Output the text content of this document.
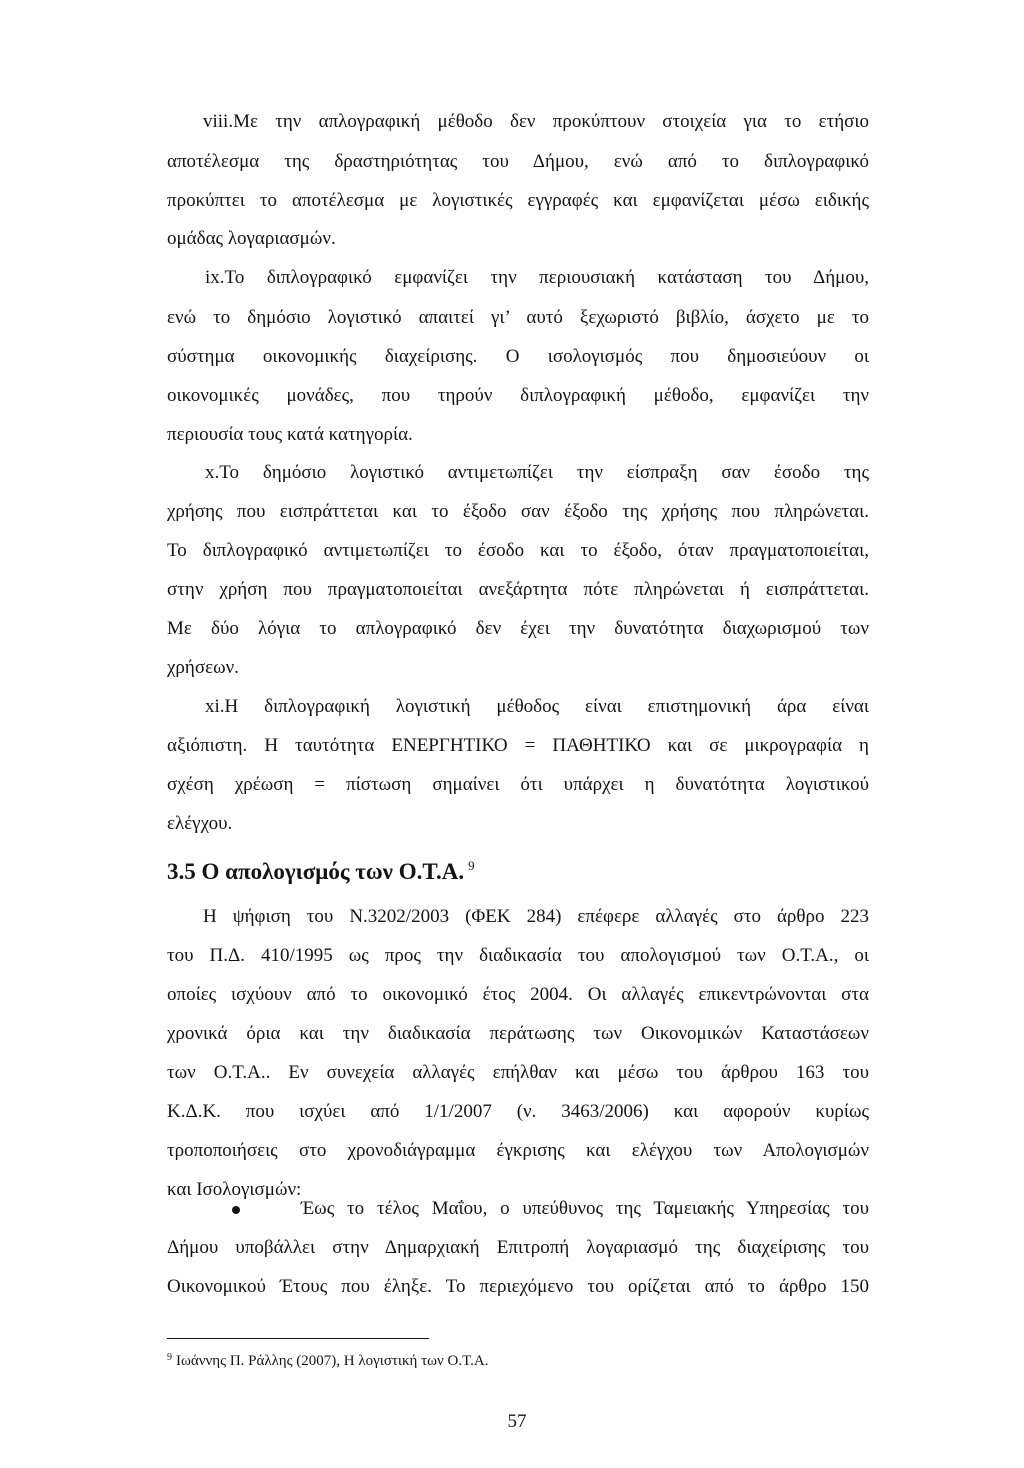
viii.Με την απλογραφική μέθοδο δεν προκύπτουν στοιχεία για το ετήσιο
αποτέλεσμα της δραστηριότητας του Δήμου, ενώ από το διπλογραφικό
προκύπτει το αποτέλεσμα με λογιστικές εγγραφές και εμφανίζεται μέσω ειδικής
ομάδας λογαριασμών.
ix.Το διπλογραφικό εμφανίζει την περιουσιακή κατάσταση του Δήμου,
ενώ το δημόσιο λογιστικό απαιτεί γι’ αυτό ξεχωριστό βιβλίο, άσχετο με το
σύστημα οικονομικής διαχείρισης. Ο ισολογισμός που δημοσιεύουν οι
οικονομικές μονάδες, που τηρούν διπλογραφική μέθοδο, εμφανίζει την
περιουσία τους κατά κατηγορία.
x.Το δημόσιο λογιστικό αντιμετωπίζει την είσπραξη σαν έσοδο της
χρήσης που εισπράττεται και το έξοδο σαν έξοδο της χρήσης που πληρώνεται.
Το διπλογραφικό αντιμετωπίζει το έσοδο και το έξοδο, όταν πραγματοποιείται,
στην χρήση που πραγματοποιείται ανεξάρτητα πότε πληρώνεται ή εισπράττεται.
Με δύο λόγια το απλογραφικό δεν έχει την δυνατότητα διαχωρισμού των
χρήσεων.
xi.Η διπλογραφική λογιστική μέθοδος είναι επιστημονική άρα είναι
αξιόπιστη. Η ταυτότητα ΕΝΕΡΓΗΤΙΚΟ = ΠΑΘΗΤΙΚΟ και σε μικρογραφία η
σχέση χρέωση = πίστωση σημαίνει ότι υπάρχει η δυνατότητα λογιστικού
ελέγχου.
3.5 Ο απολογισμός των Ο.Τ.Α. $^9$
Η ψήφιση του Ν.3202/2003 (ΦΕΚ 284) επέφερε αλλαγές στο άρθρο 223
του Π.Δ. 410/1995 ως προς την διαδικασία του απολογισμού των Ο.Τ.Α., οι
οποίες ισχύουν από το οικονομικό έτος 2004. Οι αλλαγές επικεντρώνονται στα
χρονικά όρια και την διαδικασία περάτωσης των Οικονομικών Καταστάσεων
των Ο.Τ.Α.. Εν συνεχεία αλλαγές επήλθαν και μέσω του άρθρου 163 του
Κ.Δ.Κ. που ισχύει από 1/1/2007 (ν. 3463/2006) και αφορούν κυρίως
τροποποιήσεις στο χρονοδιάγραμμα έγκρισης και ελέγχου των Απολογισμών
και Ισολογισμών:
Έως το τέλος Μαΐου, ο υπεύθυνος της Ταμειακής Υπηρεσίας του
Δήμου υποβάλλει στην Δημαρχιακή Επιτροπή λογαριασμό της διαχείρισης του
Οικονομικού Έτους που έληξε. Το περιεχόμενο του ορίζεται από το άρθρο 150
$^9$ Ιωάννης Π. Ράλλης (2007), Η λογιστική των Ο.Τ.Α.
57
